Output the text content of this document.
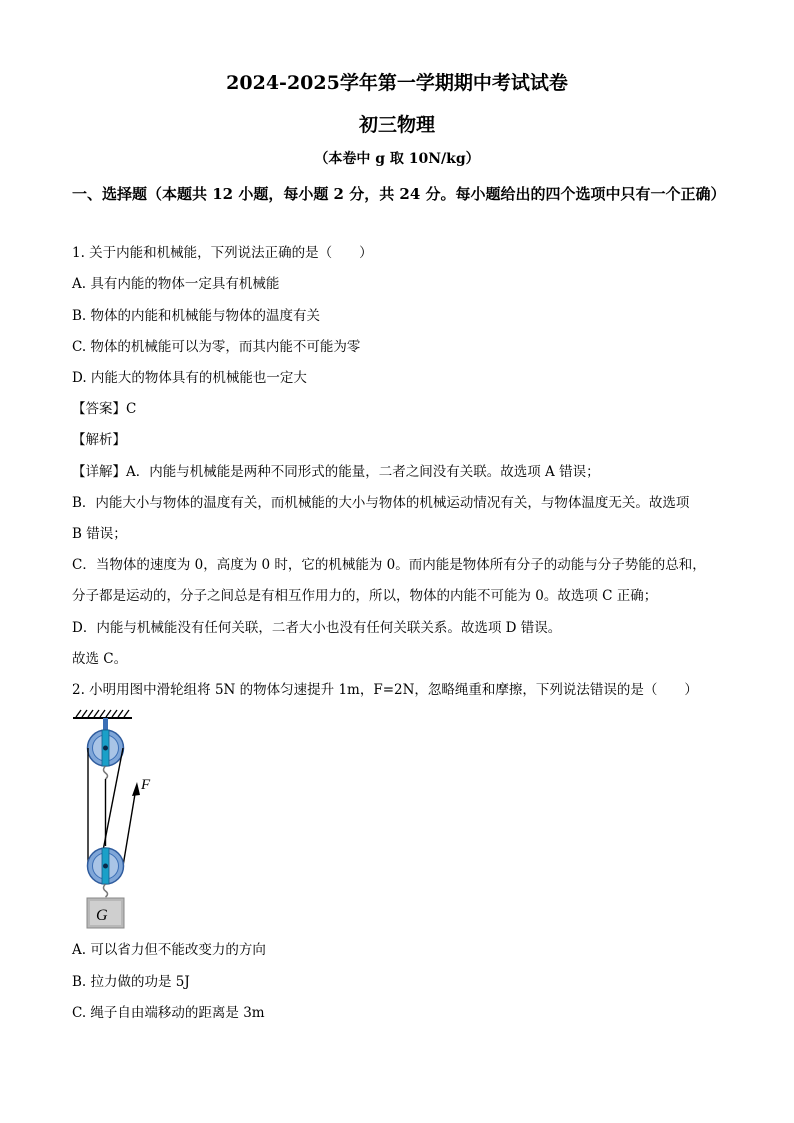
2024-2025学年第一学期期中考试试卷
初三物理
（本卷中 g 取 10N/kg）
一、选择题（本题共 12 小题，每小题 2 分，共 24 分。每小题给出的四个选项中只有一个正确）
1. 关于内能和机械能，下列说法正确的是（　　）
A. 具有内能的物体一定具有机械能
B. 物体的内能和机械能与物体的温度有关
C. 物体的机械能可以为零，而其内能不可能为零
D. 内能大的物体具有的机械能也一定大
【答案】C
【解析】
【详解】A．内能与机械能是两种不同形式的能量，二者之间没有关联。故选项 A 错误；
B．内能大小与物体的温度有关，而机械能的大小与物体的机械运动情况有关，与物体温度无关。故选项
B 错误；
C．当物体的速度为 0，高度为 0 时，它的机械能为 0。而内能是物体所有分子的动能与分子势能的总和，
分子都是运动的，分子之间总是有相互作用力的，所以，物体的内能不可能为 0。故选项 C 正确；
D．内能与机械能没有任何关联，二者大小也没有任何关联关系。故选项 D 错误。
故选 C。
2. 小明用图中滑轮组将 5N 的物体匀速提升 1m，F=2N，忽略绳重和摩擦，下列说法错误的是（　　）
F
G
A. 可以省力但不能改变力的方向
B. 拉力做的功是 5J
C. 绳子自由端移动的距离是 3m
